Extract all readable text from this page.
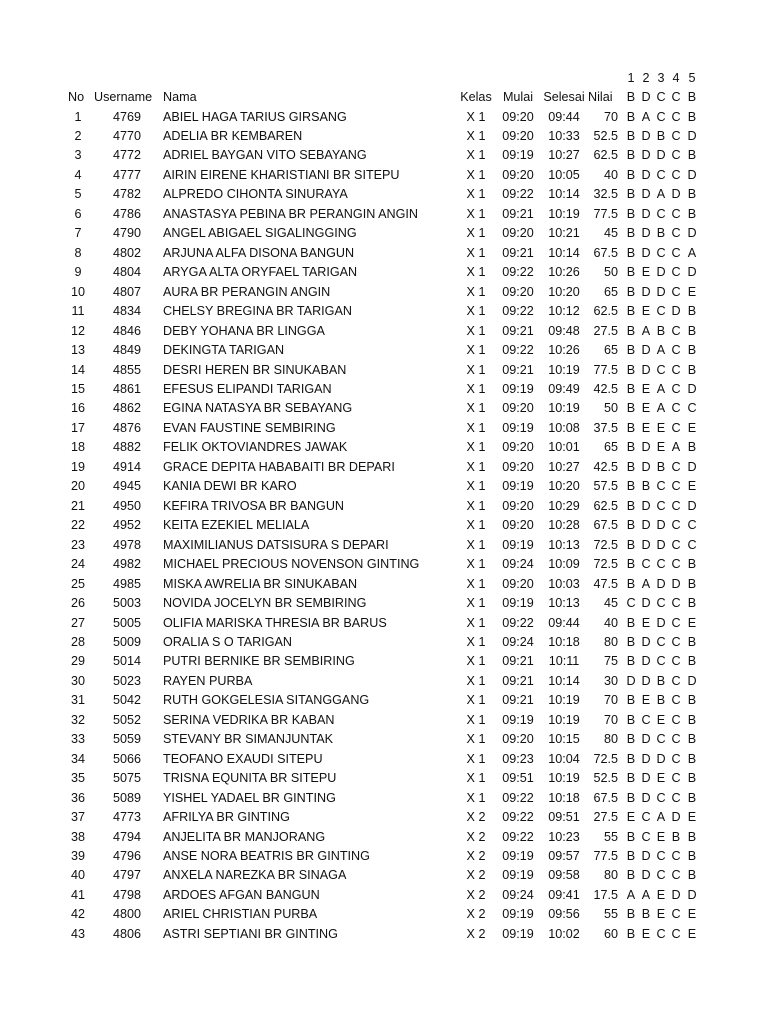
1 2 3 4 5
No Username Nama	Kelas Mulai Selesai Nilai	B D C C B
1	4769	ABIEL HAGA TARIUS GIRSANG	X 1	09:20	09:44	70 B A C C B
2	4770	ADELIA BR KEMBAREN	X 1	09:20	10:33	52.5 B D B C D
3	4772	ADRIEL BAYGAN VITO SEBAYANG	X 1	09:19	10:27	62.5 B D D C B
4	4777	AIRIN EIRENE KHARISTIANI BR SITEPU	X 1	09:20	10:05	40 B D C C D
5	4782	ALPREDO CIHONTA SINURAYA	X 1	09:22	10:14	32.5 B D A D B
6	4786	ANASTASYA PEBINA BR PERANGIN ANGIN	X 1	09:21	10:19	77.5 B D C C B
7	4790	ANGEL ABIGAEL SIGALINGGING	X 1	09:20	10:21	45 B D B C D
8	4802	ARJUNA ALFA DISONA BANGUN	X 1	09:21	10:14	67.5 B D C C A
9	4804	ARYGA ALTA ORYFAEL TARIGAN	X 1	09:22	10:26	50 B E D C D
10	4807	AURA BR PERANGIN ANGIN	X 1	09:20	10:20	65 B D D C E
11	4834	CHELSY BREGINA BR TARIGAN	X 1	09:22	10:12	62.5 B E C D B
12	4846	DEBY YOHANA BR LINGGA	X 1	09:21	09:48	27.5 B A B C B
13	4849	DEKINGTA TARIGAN	X 1	09:22	10:26	65 B D A C B
14	4855	DESRI HEREN BR SINUKABAN	X 1	09:21	10:19	77.5 B D C C B
15	4861	EFESUS ELIPANDI TARIGAN	X 1	09:19	09:49	42.5 B E A C D
16	4862	EGINA NATASYA BR SEBAYANG	X 1	09:20	10:19	50 B E A C C
17	4876	EVAN FAUSTINE SEMBIRING	X 1	09:19	10:08	37.5 B E E C E
18	4882	FELIK OKTOVIANDRES JAWAK	X 1	09:20	10:01	65 B D E A B
19	4914	GRACE DEPITA HABABAITI BR DEPARI	X 1	09:20	10:27	42.5 B D B C D
20	4945	KANIA DEWI BR KARO	X 1	09:19	10:20	57.5 B B C C E
21	4950	KEFIRA TRIVOSA BR BANGUN	X 1	09:20	10:29	62.5 B D C C D
22	4952	KEITA EZEKIEL MELIALA	X 1	09:20	10:28	67.5 B D D C C
23	4978	MAXIMILIANUS DATSISURA S DEPARI	X 1	09:19	10:13	72.5 B D D C C
24	4982	MICHAEL PRECIOUS NOVENSON GINTING	X 1	09:24	10:09	72.5 B C C C B
25	4985	MISKA AWRELIA BR SINUKABAN	X 1	09:20	10:03	47.5 B A D D B
26	5003	NOVIDA JOCELYN BR SEMBIRING	X 1	09:19	10:13	45 C D C C B
27	5005	OLIFIA MARISKA THRESIA BR BARUS	X 1	09:22	09:44	40 B E D C E
28	5009	ORALIA S O TARIGAN	X 1	09:24	10:18	80 B D C C B
29	5014	PUTRI BERNIKE BR SEMBIRING	X 1	09:21	10:11	75 B D C C B
30	5023	RAYEN PURBA	X 1	09:21	10:14	30 D D B C D
31	5042	RUTH GOKGELESIA SITANGGANG	X 1	09:21	10:19	70 B E B C B
32	5052	SERINA VEDRIKA BR KABAN	X 1	09:19	10:19	70 B C E C B
33	5059	STEVANY BR SIMANJUNTAK	X 1	09:20	10:15	80 B D C C B
34	5066	TEOFANO EXAUDI SITEPU	X 1	09:23	10:04	72.5 B D D C B
35	5075	TRISNA EQUNITA BR SITEPU	X 1	09:51	10:19	52.5 B D E C B
36	5089	YISHEL YADAEL BR GINTING	X 1	09:22	10:18	67.5 B D C C B
37	4773	AFRILYA BR GINTING	X 2	09:22	09:51	27.5 E C A D E
38	4794	ANJELITA BR MANJORANG	X 2	09:22	10:23	55 B C E B B
39	4796	ANSE NORA BEATRIS BR GINTING	X 2	09:19	09:57	77.5 B D C C B
40	4797	ANXELA NAREZKA BR SINAGA	X 2	09:19	09:58	80 B D C C B
41	4798	ARDOES AFGAN BANGUN	X 2	09:24	09:41	17.5 A A E D D
42	4800	ARIEL CHRISTIAN PURBA	X 2	09:19	09:56	55 B B E C E
43	4806	ASTRI SEPTIANI BR GINTING	X 2	09:19	10:02	60 B E C C E
